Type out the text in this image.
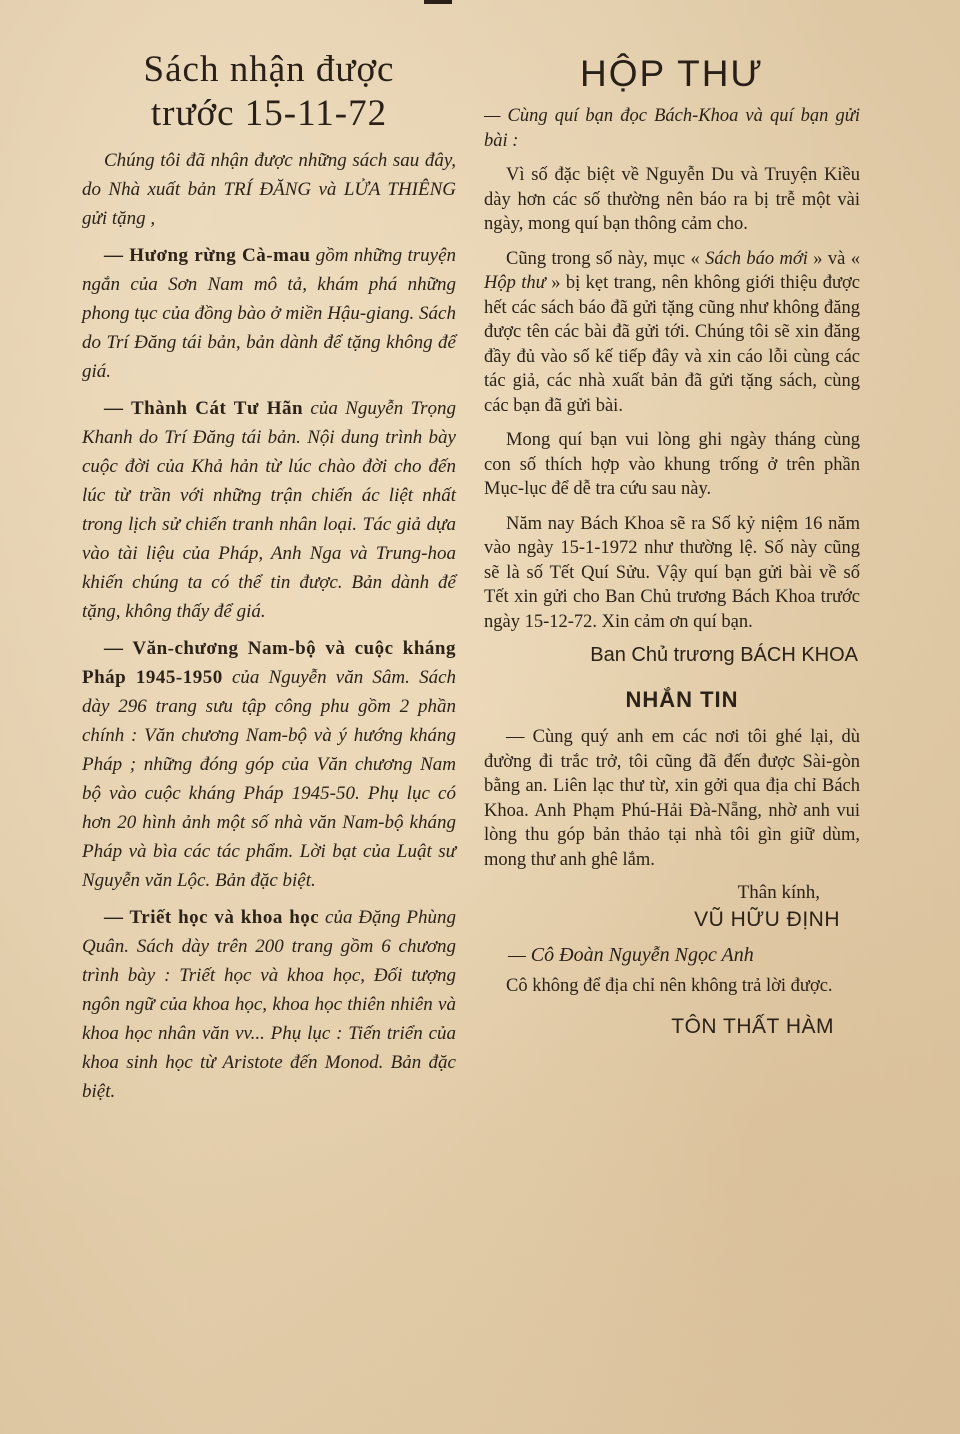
Sách nhận được
trước 15-11-72

Chúng tôi đã nhận được những sách sau đây, do Nhà xuất bản TRÍ ĐĂNG và LỬA THIÊNG gửi tặng ,

— Hương rừng Cà-mau gồm những truyện ngắn của Sơn Nam mô tả, khám phá những phong tục của đồng bào ở miền Hậu-giang. Sách do Trí Đăng tái bản, bản dành để tặng không để giá.

— Thành Cát Tư Hãn của Nguyễn Trọng Khanh do Trí Đăng tái bản. Nội dung trình bày cuộc đời của Khả hản từ lúc chào đời cho đến lúc từ trần với những trận chiến ác liệt nhất trong lịch sử chiến tranh nhân loại. Tác giả dựa vào tài liệu của Pháp, Anh Nga và Trung-hoa khiến chúng ta có thể tin được. Bản dành để tặng, không thấy để giá.

— Văn-chương Nam-bộ và cuộc kháng Pháp 1945-1950 của Nguyễn văn Sâm. Sách dày 296 trang sưu tập công phu gồm 2 phần chính : Văn chương Nam-bộ và ý hướng kháng Pháp ; những đóng góp của Văn chương Nam bộ vào cuộc kháng Pháp 1945-50. Phụ lục có hơn 20 hình ảnh một số nhà văn Nam-bộ kháng Pháp và bìa các tác phẩm. Lời bạt của Luật sư Nguyễn văn Lộc. Bản đặc biệt.

— Triết học và khoa học của Đặng Phùng Quân. Sách dày trên 200 trang gồm 6 chương trình bày : Triết học và khoa học, Đối tượng ngôn ngữ của khoa học, khoa học thiên nhiên và khoa học nhân văn vv... Phụ lục : Tiến triển của khoa sinh học từ Aristote đến Monod. Bản đặc biệt.

HỘP THƯ

— Cùng quí bạn đọc Bách-Khoa và quí bạn gửi bài :

Vì số đặc biệt về Nguyễn Du và Truyện Kiều dày hơn các số thường nên báo ra bị trễ một vài ngày, mong quí bạn thông cảm cho.

Cũng trong số này, mục « Sách báo mới » và « Hộp thư » bị kẹt trang, nên không giới thiệu được hết các sách báo đã gửi tặng cũng như không đăng được tên các bài đã gửi tới. Chúng tôi sẽ xin đăng đầy đủ vào số kế tiếp đây và xin cáo lỗi cùng các tác giả, các nhà xuất bản đã gửi tặng sách, cùng các bạn đã gửi bài.

Mong quí bạn vui lòng ghi ngày tháng cùng con số thích hợp vào khung trống ở trên phần Mục-lục để dễ tra cứu sau này.

Năm nay Bách Khoa sẽ ra Số kỷ niệm 16 năm vào ngày 15-1-1972 như thường lệ. Số này cũng sẽ là số Tết Quí Sửu. Vậy quí bạn gửi bài về số Tết xin gửi cho Ban Chủ trương Bách Khoa trước ngày 15-12-72. Xin cảm ơn quí bạn.

Ban Chủ trương BÁCH KHOA
NHẮN TIN

— Cùng quý anh em các nơi tôi ghé lại, dù đường đi trắc trở, tôi cũng đã đến được Sài-gòn bằng an. Liên lạc thư từ, xin gởi qua địa chỉ Bách Khoa. Anh Phạm Phú-Hải Đà-Nẵng, nhờ anh vui lòng thu góp bản thảo tại nhà tôi gìn giữ dùm, mong thư anh ghê lắm.

Thân kính,
VŨ HỮU ĐỊNH
— Cô Đoàn Nguyễn Ngọc Anh

Cô không để địa chỉ nên không trả lời được.

TÔN THẤT HÀM
